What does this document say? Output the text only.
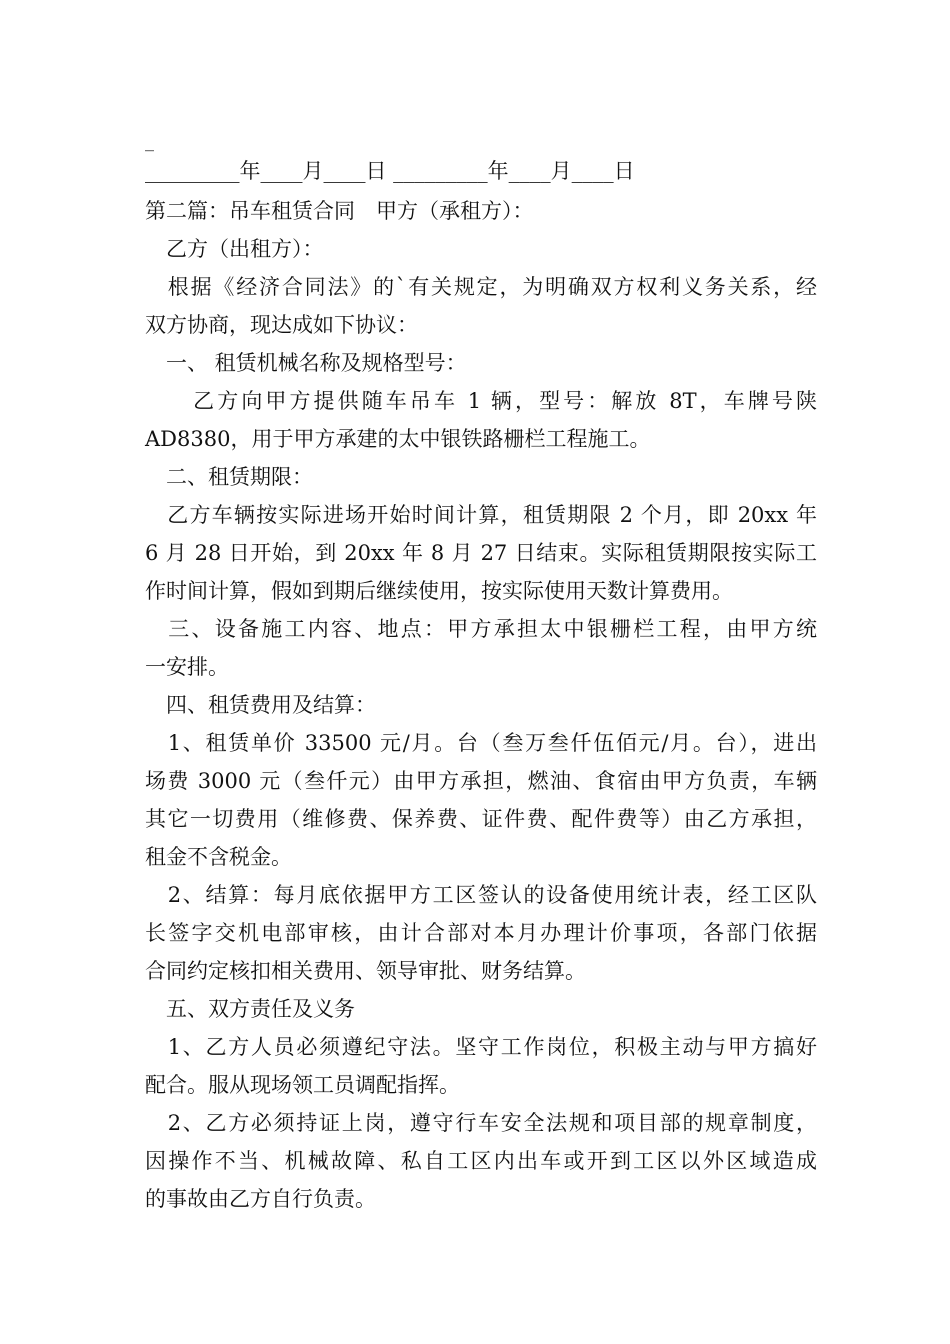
_

_________年____月____日 _________年____月____日

第二篇：吊车租赁合同　甲方（承租方）：

　乙方（出租方）：

　根据《经济合同法》的`有关规定，为明确双方权利义务关系，经

双方协商，现达成如下协议：

　一、 租赁机械名称及规格型号：

　　乙方向甲方提供随车吊车 1 辆，型号：解放 8T，车牌号陕

AD8380，用于甲方承建的太中银铁路栅栏工程施工。

　二、租赁期限：

　乙方车辆按实际进场开始时间计算，租赁期限 2 个月，即 20xx 年

6 月 28 日开始，到 20xx 年 8 月 27 日结束。实际租赁期限按实际工

作时间计算，假如到期后继续使用，按实际使用天数计算费用。

　三、设备施工内容、地点：甲方承担太中银栅栏工程，由甲方统

一安排。

　四、租赁费用及结算：

　1、租赁单价 33500 元/月。台（叁万叁仟伍佰元/月。台），进出

场费 3000 元（叁仟元）由甲方承担，燃油、食宿由甲方负责，车辆

其它一切费用（维修费、保养费、证件费、配件费等）由乙方承担，

租金不含税金。

　2、结算：每月底依据甲方工区签认的设备使用统计表，经工区队

长签字交机电部审核，由计合部对本月办理计价事项，各部门依据

合同约定核扣相关费用、领导审批、财务结算。

　五、双方责任及义务

　1、乙方人员必须遵纪守法。坚守工作岗位，积极主动与甲方搞好

配合。服从现场领工员调配指挥。

　2、乙方必须持证上岗，遵守行车安全法规和项目部的规章制度，

因操作不当、机械故障、私自工区内出车或开到工区以外区域造成

的事故由乙方自行负责。
